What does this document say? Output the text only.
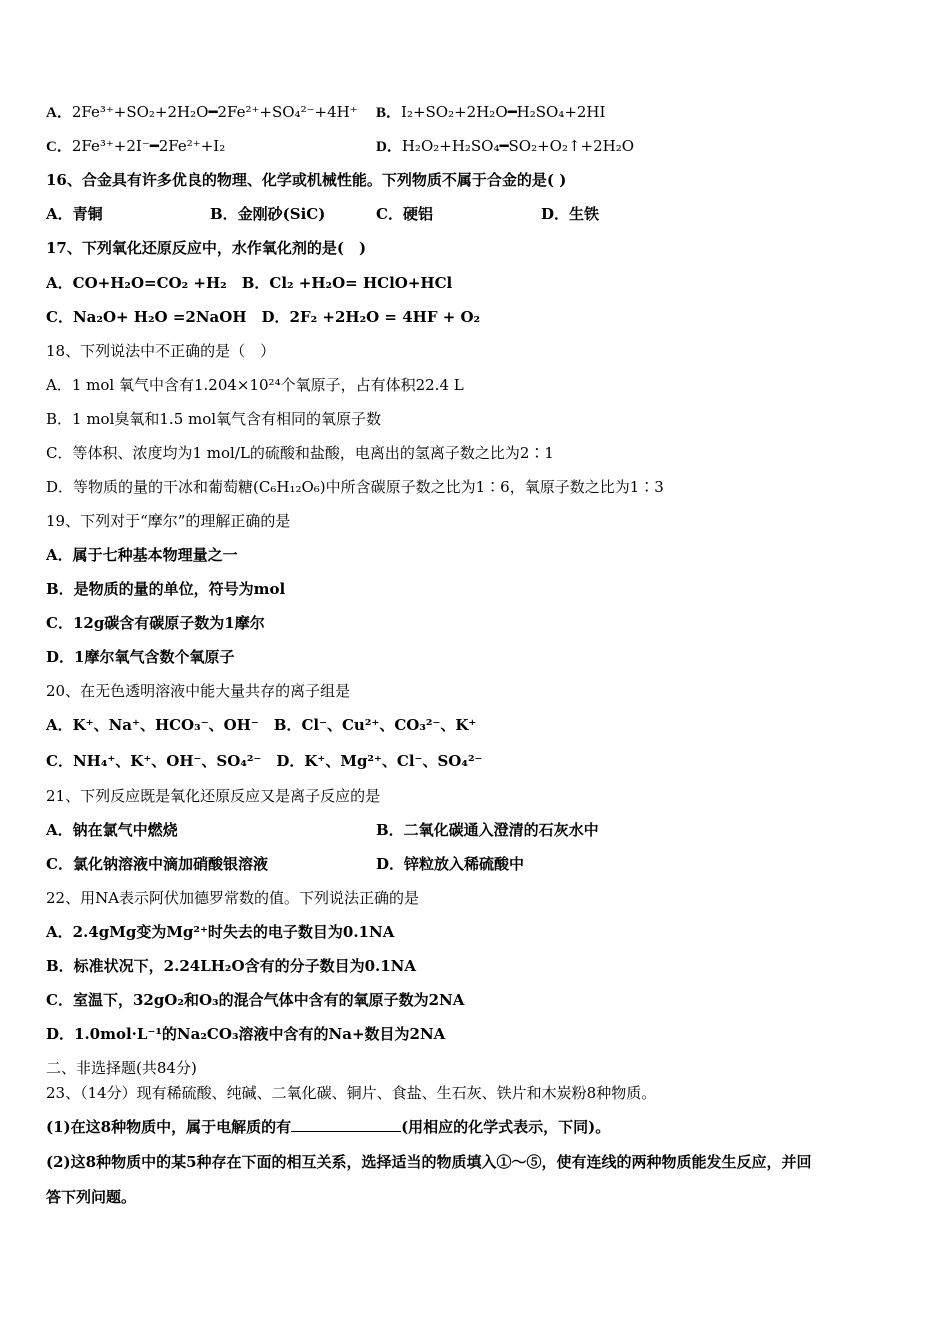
A．2Fe³⁺+SO₂+2H₂O━2Fe²⁺+SO₄²⁻+4H⁺ B．I₂+SO₂+2H₂O━H₂SO₄+2HI
C．2Fe³⁺+2I⁻━2Fe²⁺+I₂	D．H₂O₂+H₂SO₄━SO₂+O₂↑+2H₂O
16、合金具有许多优良的物理、化学或机械性能。下列物质不属于合金的是( )
A．青铜	B．金刚砂(SiC)	C．硬铝	D．生铁
17、下列氧化还原反应中，水作氧化剂的是(　)
A．CO+H₂O=CO₂ +H₂　B．Cl₂ +H₂O= HClO+HCl
C．Na₂O+ H₂O =2NaOH　D．2F₂ +2H₂O = 4HF + O₂
18、下列说法中不正确的是（　）
A．1 mol 氧气中含有1.204×10²⁴个氧原子，占有体积22.4 L
B．1 mol臭氧和1.5 mol氧气含有相同的氧原子数
C．等体积、浓度均为1 mol/L的硫酸和盐酸，电离出的氢离子数之比为2∶1
D．等物质的量的干冰和葡萄糖(C₆H₁₂O₆)中所含碳原子数之比为1∶6，氧原子数之比为1∶3
19、下列对于“摩尔”的理解正确的是
A．属于七种基本物理量之一
B．是物质的量的单位，符号为mol
C．12g碳含有碳原子数为1摩尔
D．1摩尔氧气含数个氧原子
20、在无色透明溶液中能大量共存的离子组是
A．K⁺、Na⁺、HCO₃⁻、OH⁻　B．Cl⁻、Cu²⁺、CO₃²⁻、K⁺
C．NH₄⁺、K⁺、OH⁻、SO₄²⁻　D．K⁺、Mg²⁺、Cl⁻、SO₄²⁻
21、下列反应既是氧化还原反应又是离子反应的是
A．钠在氯气中燃烧	B．二氧化碳通入澄清的石灰水中
C．氯化钠溶液中滴加硝酸银溶液	D．锌粒放入稀硫酸中
22、用NA表示阿伏加德罗常数的值。下列说法正确的是
A．2.4gMg变为Mg²⁺时失去的电子数目为0.1NA
B．标准状况下，2.24LH₂O含有的分子数目为0.1NA
C．室温下，32gO₂和O₃的混合气体中含有的氧原子数为2NA
D．1.0mol·L⁻¹的Na₂CO₃溶液中含有的Na+数目为2NA
二、非选择题(共84分)
23、（14分）现有稀硫酸、纯碱、二氧化碳、铜片、食盐、生石灰、铁片和木炭粉8种物质。
(1)在这8种物质中，属于电解质的有	(用相应的化学式表示，下同)。
(2)这8种物质中的某5种存在下面的相互关系，选择适当的物质填入①～⑤，使有连线的两种物质能发生反应，并回
答下列问题。
